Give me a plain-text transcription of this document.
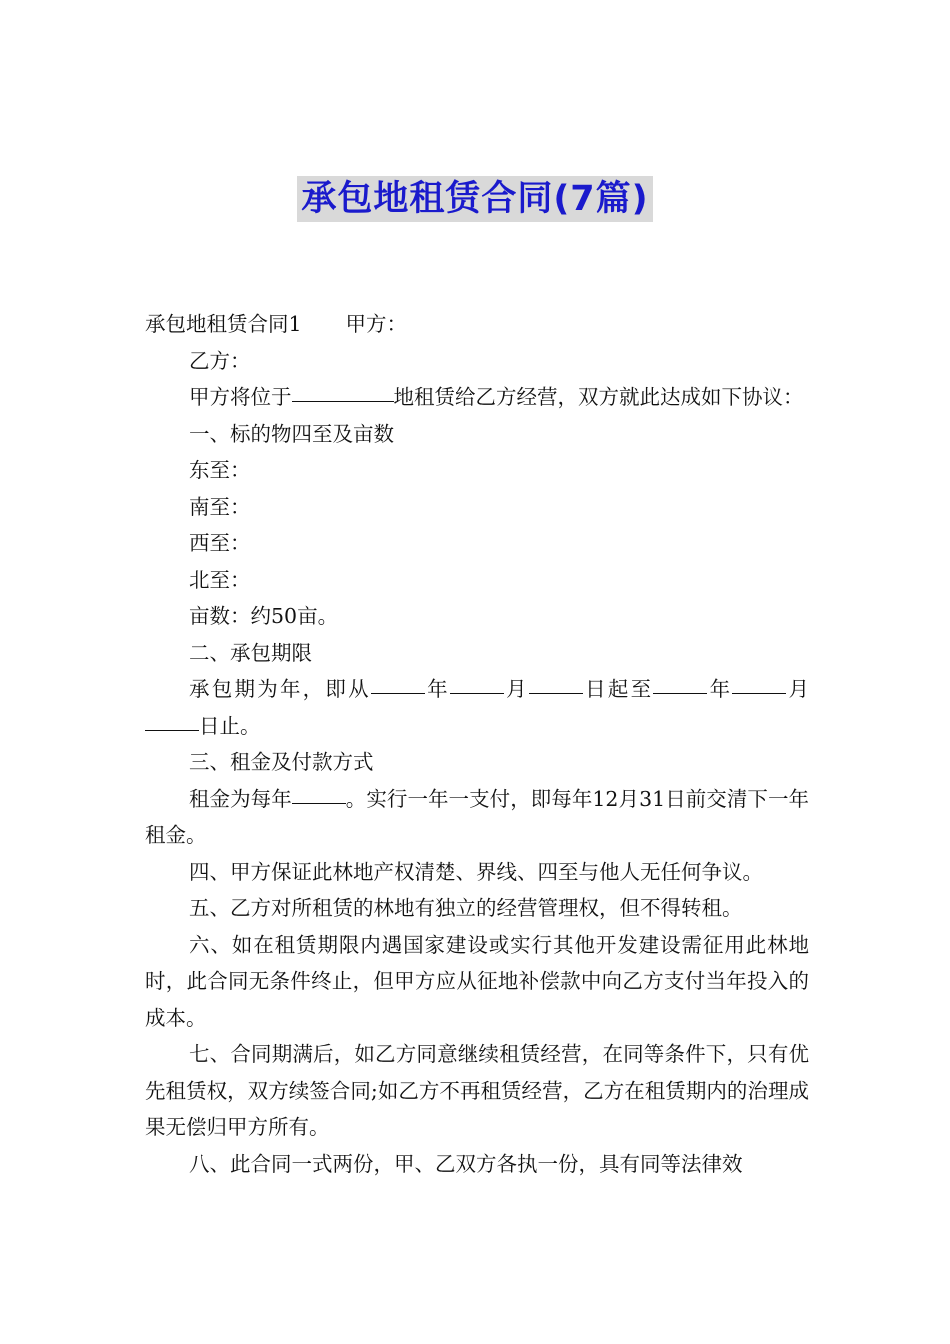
承包地租赁合同(7篇)

承包地租赁合同1 甲方：

乙方：

甲方将位于	地租赁给乙方经营，双方就此达成如下协议：

一、标的物四至及亩数

东至：

南至：

西至：

北至：

亩数：约50亩。

二、承包期限

承包期为年，即从	年	月	日起至	年	月日止。

三、租金及付款方式

租金为每年	。实行一年一支付，即每年12月31日前交清下一年租金。

四、甲方保证此林地产权清楚、界线、四至与他人无任何争议。

五、乙方对所租赁的林地有独立的经营管理权，但不得转租。

六、如在租赁期限内遇国家建设或实行其他开发建设需征用此林地时，此合同无条件终止，但甲方应从征地补偿款中向乙方支付当年投入的成本。

七、合同期满后，如乙方同意继续租赁经营，在同等条件下，只有优先租赁权，双方续签合同;如乙方不再租赁经营，乙方在租赁期内的治理成果无偿归甲方所有。

八、此合同一式两份，甲、乙双方各执一份，具有同等法律效
